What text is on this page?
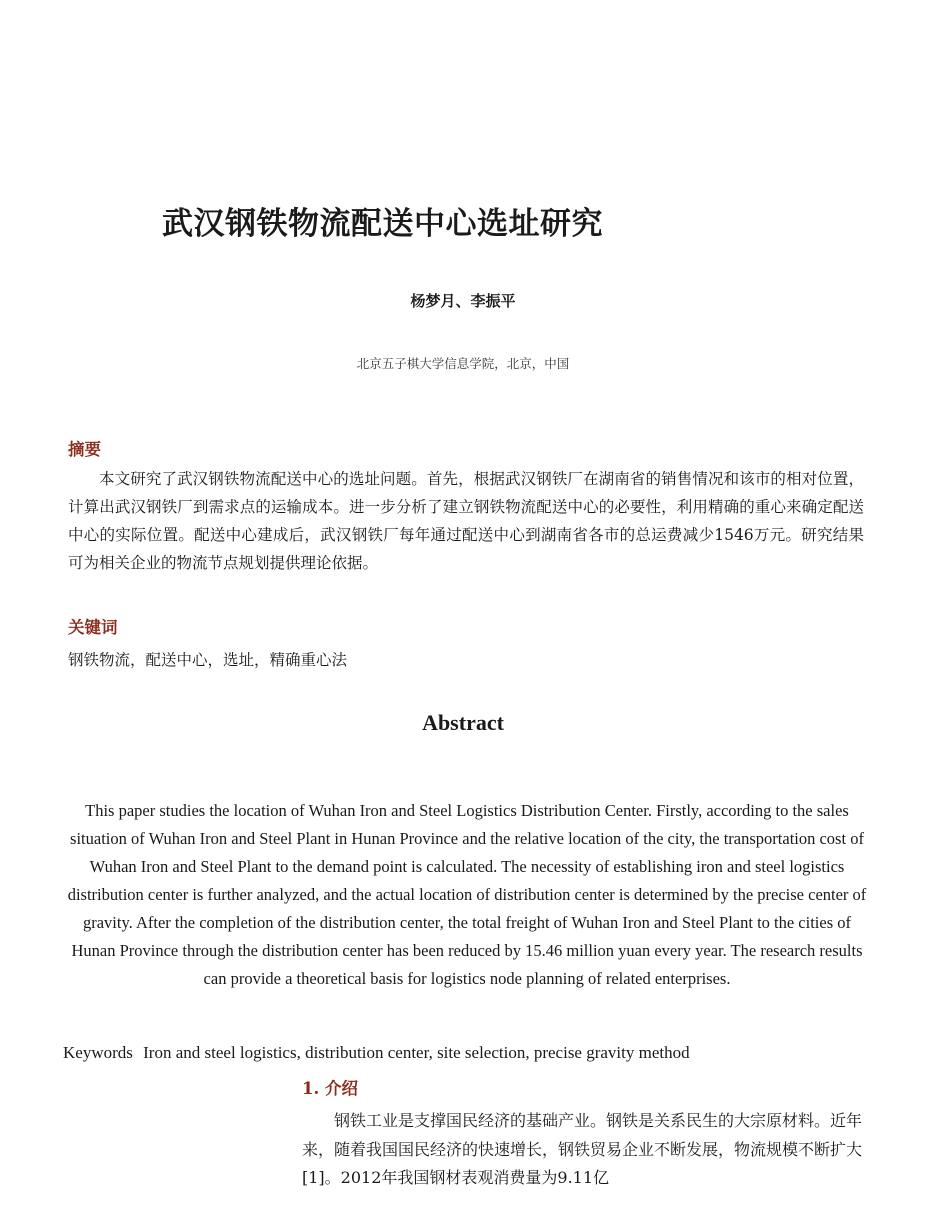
武汉钢铁物流配送中心选址研究
杨梦月、李振平
北京五子棋大学信息学院，北京，中国
摘要

本文研究了武汉钢铁物流配送中心的选址问题。首先，根据武汉钢铁厂在湖南省的销售情况和该市的相对位置，计算出武汉钢铁厂到需求点的运输成本。进一步分析了建立钢铁物流配送中心的必要性，利用精确的重心来确定配送中心的实际位置。配送中心建成后，武汉钢铁厂每年通过配送中心到湖南省各市的总运费减少1546万元。研究结果可为相关企业的物流节点规划提供理论依据。

关键词
钢铁物流，配送中心，选址，精确重心法
Abstract

This paper studies the location of Wuhan Iron and Steel Logistics Distribution Center. Firstly, according to the sales situation of Wuhan Iron and Steel Plant in Hunan Province and the relative location of the city, the transportation cost of Wuhan Iron and Steel Plant to the demand point is calculated. The necessity of establishing iron and steel logistics distribution center is further analyzed, and the actual location of distribution center is determined by the precise center of gravity. After the completion of the distribution center, the total freight of Wuhan Iron and Steel Plant to the cities of Hunan Province through the distribution center has been reduced by 15.46 million yuan every year. The research results can provide a theoretical basis for logistics node planning of related enterprises.

Keywords Iron and steel logistics, distribution center, site selection, precise gravity method
1. 介绍

钢铁工业是支撑国民经济的基础产业。钢铁是关系民生的大宗原材料。近年来，随着我国国民经济的快速增长，钢铁贸易企业不断发展，物流规模不断扩大[1]。2012年我国钢材表观消费量为9.11亿
